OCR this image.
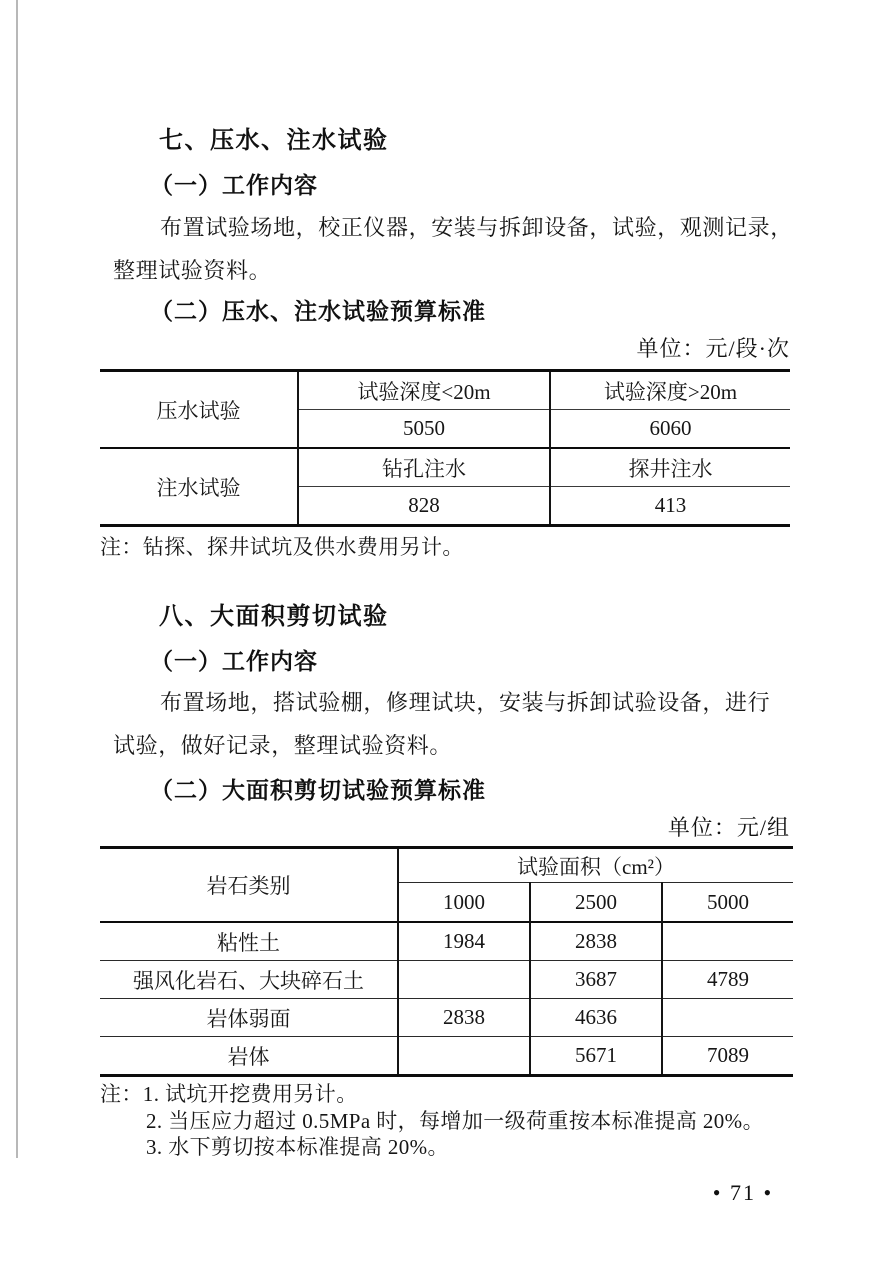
七、压水、注水试验
（一）工作内容
布置试验场地，校正仪器，安装与拆卸设备，试验，观测记录，
整理试验资料。
（二）压水、注水试验预算标准
单位：元/段·次
压水试验	试验深度<20m	试验深度>20m
	5050	6060
注水试验	钻孔注水	探井注水
	828	413
注：钻探、探井试坑及供水费用另计。
八、大面积剪切试验
（一）工作内容
布置场地，搭试验棚，修理试块，安装与拆卸试验设备，进行
试验，做好记录，整理试验资料。
（二）大面积剪切试验预算标准
单位：元/组
岩石类别	试验面积（cm²）		
	1000	2500	5000
粘性土	1984	2838	
强风化岩石、大块碎石土		3687	4789
岩体弱面	2838	4636	
岩体		5671	7089
注：1. 试坑开挖费用另计。
2. 当压应力超过 0.5MPa 时，每增加一级荷重按本标准提高 20%。
3. 水下剪切按本标准提高 20%。
• 71 •
